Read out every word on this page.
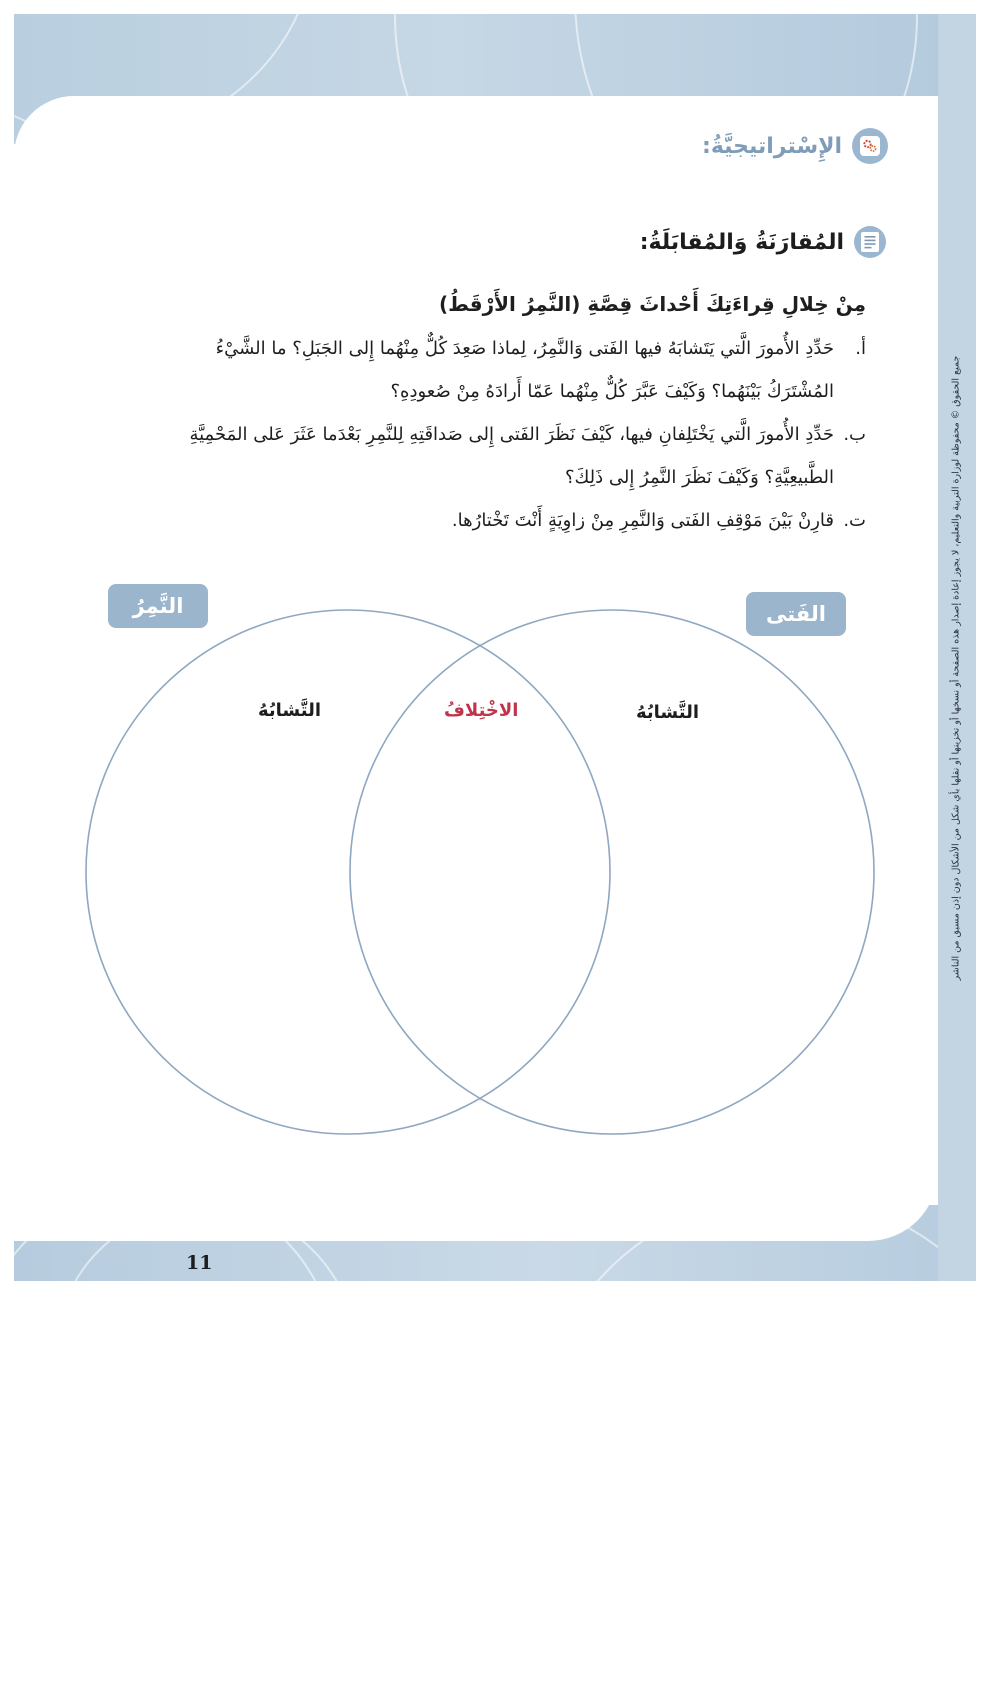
جميع الحقوق © محفوظة لوزارة التربية والتعليم، لا يجوز إعادة إصدار هذه الصفحة أو نسخها أو تخزينها أو نقلها بأي شكل من الأشكال دون إذن مسبق من الناشر
الإِسْتراتيجيَّةُ:
المُقارَنَةُ وَالمُقابَلَةُ:
مِنْ خِلالِ قِراءَتِكَ أَحْداثَ قِصَّةِ (النَّمِرُ الأَرْقَطُ)
أ.
حَدِّدِ الأُمورَ الَّتي يَتَشابَهُ فيها الفَتى وَالنَّمِرُ، لِماذا صَعِدَ كُلٌّ مِنْهُما إِلى الجَبَلِ؟ ما الشَّيْءُ المُشْتَرَكُ بَيْنَهُما؟ وَكَيْفَ عَبَّرَ كُلٌّ مِنْهُما عَمّا أَرادَهُ مِنْ صُعودِهِ؟
ب.
حَدِّدِ الأُمورَ الَّتي يَخْتَلِفانِ فيها، كَيْفَ نَظَرَ الفَتى إِلى صَداقَتِهِ لِلنَّمِرِ بَعْدَما عَثَرَ عَلى المَحْمِيَّةِ الطَّبيعِيَّةِ؟ وَكَيْفَ نَظَرَ النَّمِرُ إِلى ذَلِكَ؟
ت.
قارِنْ بَيْنَ مَوْقِفِ الفَتى وَالنَّمِرِ مِنْ زاوِيَةٍ أَنْتَ تَخْتارُها.
النَّمِرُ	الفَتى
التَّشابُهُ	الاخْتِلافُ	التَّشابُهُ
11
